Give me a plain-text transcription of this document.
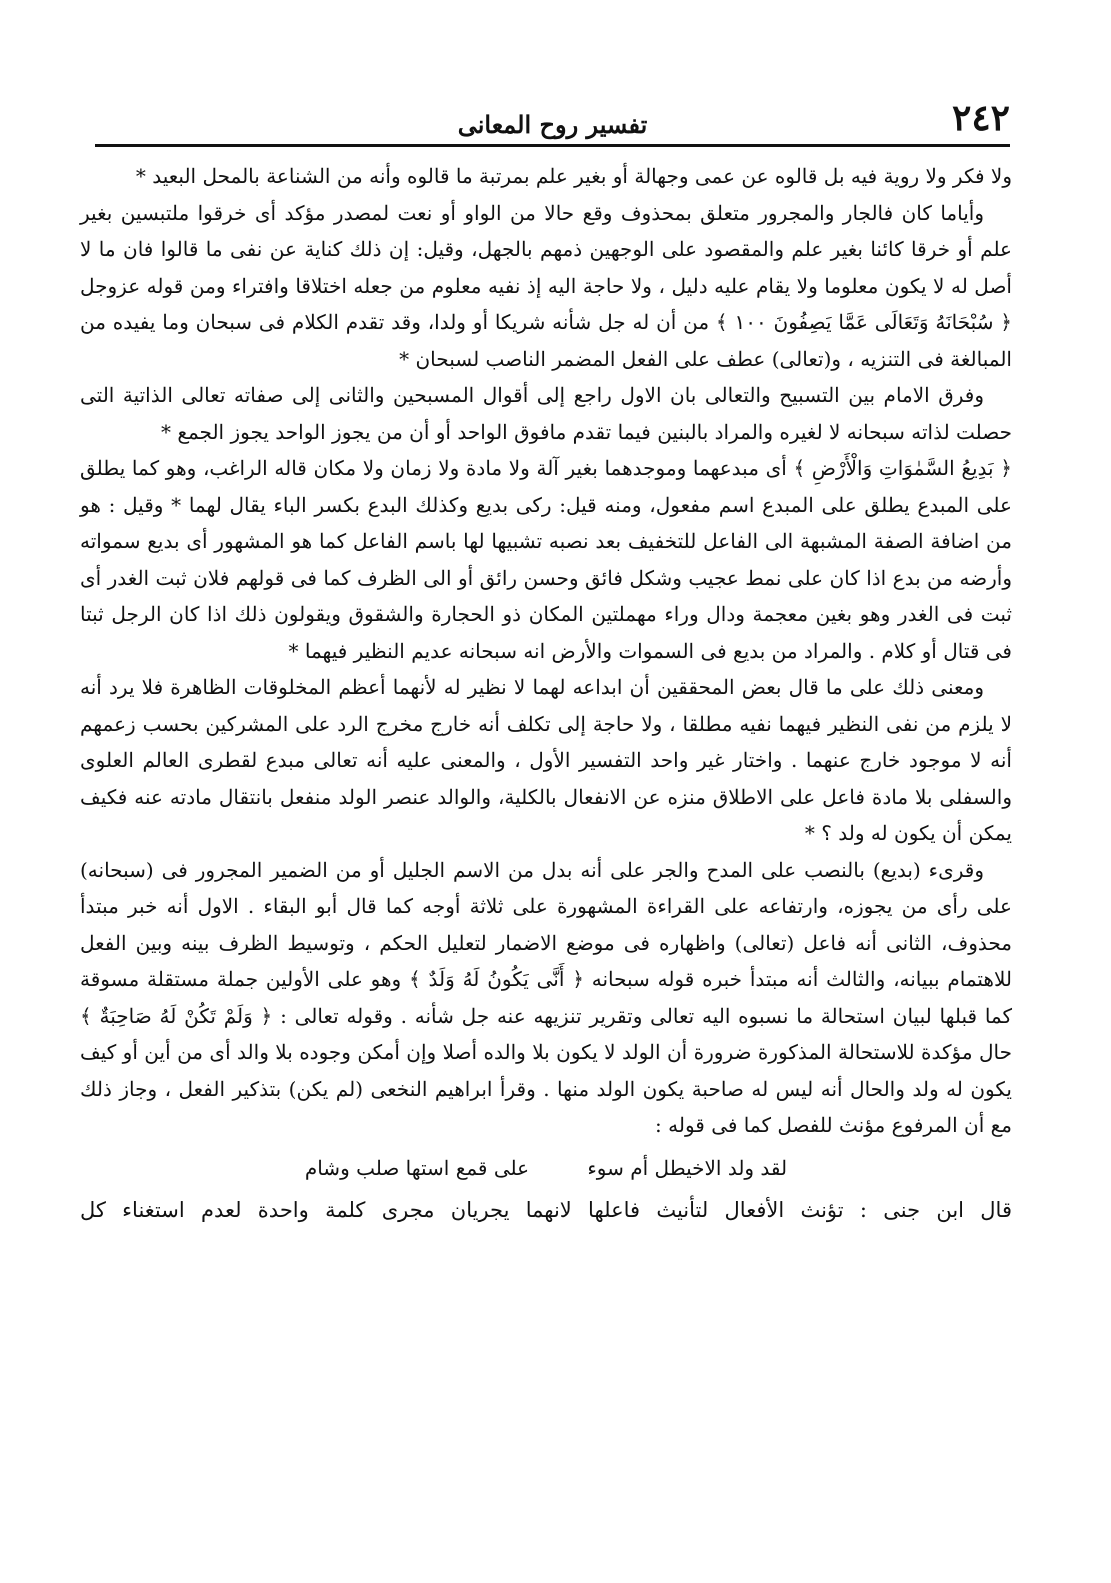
٢٤٢
تفسير روح المعانى

ولا فكر ولا روية فيه بل قالوه عن عمى وجهالة أو بغير علم بمرتبة ما قالوه وأنه من الشناعة بالمحل البعيد *

وأياما كان فالجار والمجرور متعلق بمحذوف وقع حالا من الواو أو نعت لمصدر مؤكد أى خرقوا ملتبسين بغير علم أو خرقا كائنا بغير علم والمقصود على الوجهين ذمهم بالجهل، وقيل: إن ذلك كناية عن نفى ما قالوا فان ما لا أصل له لا يكون معلوما ولا يقام عليه دليل ، ولا حاجة اليه إذ نفيه معلوم من جعله اختلاقا وافتراء ومن قوله عزوجل ﴿ سُبْحَانَهُ وَتَعَالَى عَمَّا يَصِفُونَ ١٠٠ ﴾ من أن له جل شأنه شريكا أو ولدا، وقد تقدم الكلام فى سبحان وما يفيده من المبالغة فى التنزيه ، و(تعالى) عطف على الفعل المضمر الناصب لسبحان *

وفرق الامام بين التسبيح والتعالى بان الاول راجع إلى أقوال المسبحين والثانى إلى صفاته تعالى الذاتية التى حصلت لذاته سبحانه لا لغيره والمراد بالبنين فيما تقدم مافوق الواحد أو أن من يجوز الواحد يجوز الجمع *

﴿ بَدِيعُ السَّمٰوَاتِ وَالْأَرْضِ ﴾ أى مبدعهما وموجدهما بغير آلة ولا مادة ولا زمان ولا مكان قاله الراغب، وهو كما يطلق على المبدع يطلق على المبدع اسم مفعول، ومنه قيل: ركى بديع وكذلك البدع بكسر الباء يقال لهما * وقيل : هو من اضافة الصفة المشبهة الى الفاعل للتخفيف بعد نصبه تشبيها لها باسم الفاعل كما هو المشهور أى بديع سمواته وأرضه من بدع اذا كان على نمط عجيب وشكل فائق وحسن رائق أو الى الظرف كما فى قولهم فلان ثبت الغدر أى ثبت فى الغدر وهو بغين معجمة ودال وراء مهملتين المكان ذو الحجارة والشقوق ويقولون ذلك اذا كان الرجل ثبتا فى قتال أو كلام . والمراد من بديع فى السموات والأرض انه سبحانه عديم النظير فيهما *

ومعنى ذلك على ما قال بعض المحققين أن ابداعه لهما لا نظير له لأنهما أعظم المخلوقات الظاهرة فلا يرد أنه لا يلزم من نفى النظير فيهما نفيه مطلقا ، ولا حاجة إلى تكلف أنه خارج مخرج الرد على المشركين بحسب زعمهم أنه لا موجود خارج عنهما . واختار غير واحد التفسير الأول ، والمعنى عليه أنه تعالى مبدع لقطرى العالم العلوى والسفلى بلا مادة فاعل على الاطلاق منزه عن الانفعال بالكلية، والوالد عنصر الولد منفعل بانتقال مادته عنه فكيف يمكن أن يكون له ولد ؟ *

وقرىء (بديع) بالنصب على المدح والجر على أنه بدل من الاسم الجليل أو من الضمير المجرور فى (سبحانه) على رأى من يجوزه، وارتفاعه على القراءة المشهورة على ثلاثة أوجه كما قال أبو البقاء . الاول أنه خبر مبتدأ محذوف، الثانى أنه فاعل (تعالى) واظهاره فى موضع الاضمار لتعليل الحكم ، وتوسيط الظرف بينه وبين الفعل للاهتمام ببيانه، والثالث أنه مبتدأ خبره قوله سبحانه ﴿ أَنَّى يَكُونُ لَهُ وَلَدٌ ﴾ وهو على الأولين جملة مستقلة مسوقة كما قبلها لبيان استحالة ما نسبوه اليه تعالى وتقرير تنزيهه عنه جل شأنه . وقوله تعالى : ﴿ وَلَمْ تَكُنْ لَهُ صَاحِبَةٌ ﴾ حال مؤكدة للاستحالة المذكورة ضرورة أن الولد لا يكون بلا والده أصلا وإن أمكن وجوده بلا والد أى من أين أو كيف يكون له ولد والحال أنه ليس له صاحبة يكون الولد منها . وقرأ ابراهيم النخعى (لم يكن) بتذكير الفعل ، وجاز ذلك مع أن المرفوع مؤنث للفصل كما فى قوله :

لقد ولد الاخيطل أم سوء على قمع استها صلب وشام

قال ابن جنى : تؤنث الأفعال لتأنيث فاعلها لانهما يجريان مجرى كلمة واحدة لعدم استغناء كل
